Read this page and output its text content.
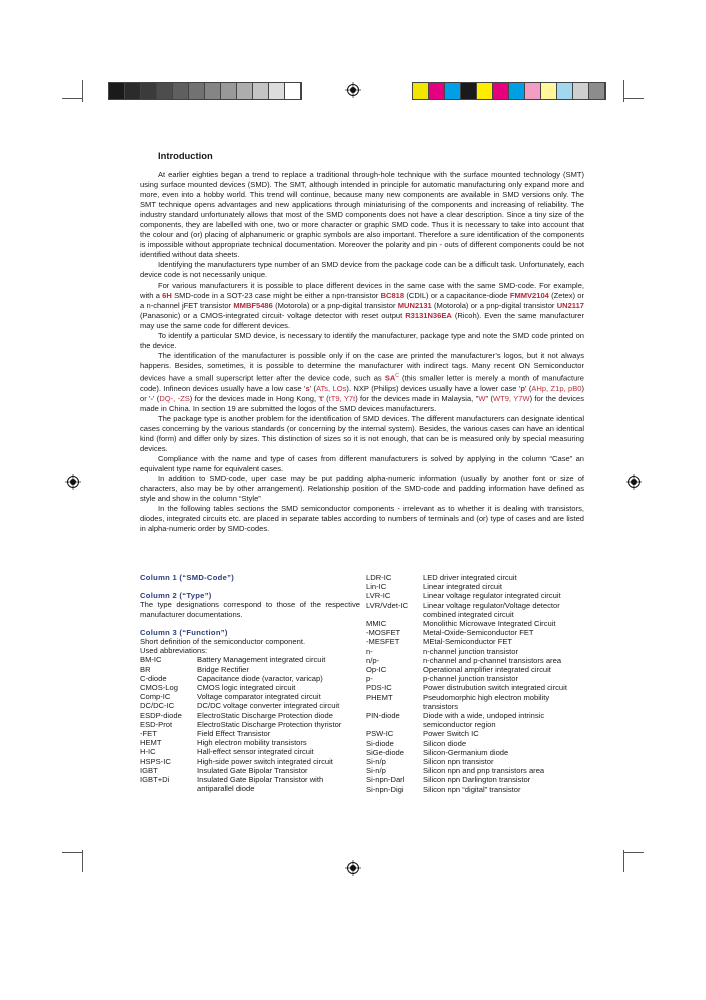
Introduction

At earlier eighties began a trend to replace a traditional through-hole technique with the surface mounted technology (SMT) using surface mounted devices (SMD). The SMT, although intended in principle for automatic manufacturing only expand more and more, even into a hobby world. This trend will continue, because many new components are available in SMD versions only. The SMT technique opens advantages and new applications through miniaturising of the components and increasing of reliability. The industry standard unfortunately allows that most of the SMD components does not have a clear description. Since a tiny size of the components, they are labelled with one, two or more character or graphic SMD code. Thus it is necessary to take into account that the colour and (or) placing of alphanumeric or graphic symbols are also important. Therefore a sure identification of the components is impossible without appropriate technical documentation. Moreover the polarity and pin - outs of different components could be not identified without data sheets.

Identifying the manufacturers type number of an SMD device from the package code can be a difficult task. Unfortunately, each device code is not necessarily unique.

For various manufacturers it is possible to place different devices in the same case with the same SMD-code. For example, with a 6H SMD-code in a SOT-23 case might be either a npn-transistor BC818 (CDIL) or a capacitance-diode FMMV2104 (Zetex) or a n-channel jFET transistor MMBF5486 (Motorola) or a pnp-digital transistor MUN2131 (Motorola) or a pnp-digital transistor UN2117 (Panasonic) or a CMOS-integrated circuit- voltage detector with reset output R3131N36EA (Ricoh). Even the same manufacturer may use the same code for different devices.

To identify a particular SMD device, is necessary to identify the manufacturer, package type and note the SMD code printed on the device.

The identification of the manufacturer is possible only if on the case are printed the manufacturer’s logos, but it not always happens. Besides, sometimes, it is possible to determine the manufacturer with indirect tags. Many recent ON Semiconductor devices have a small superscript letter after the device code, such as $SA^C$ (this smaller letter is merely a month of manufacture code). Infineon devices usually have a low case 's' (ATs, LOs). NXP (Philips) devices usually have a lower case 'p' (AHp, Z1p, pB0) or '-' (DQ-, -ZS) for the devices made in Hong Kong, 't' (tT9, Y7t) for the devices made in Malaysia, "W" (WT9, Y7W) for the devices made in China. In section 19 are submitted the logos of the SMD devices manufacturers.

The package type is another problem for the identification of SMD devices. The different manufacturers can designate identical cases concerning by the various standards (or concerning by the internal system). Besides, the various cases can have an identical kind (form) and differ only by sizes. This distinction of sizes so it is not enough, that can be is measured only by special measuring devices.

Compliance with the name and type of cases from different manufacturers is solved by applying in the column “Case” an equivalent type name for equivalent cases.

In addition to SMD-code, uper case may be put padding alpha-numeric information (usually by another font or size of characters, also may be by other arrangement). Relationship position of the SMD-code and padding information have defined as style and show in the column “Style”

In the following tables sections the SMD semiconductor components - irrelevant as to whether it is dealing with transistors, diodes, integrated circuits etc. are placed in separate tables according to numbers of terminals and (or) type of cases and are listed in alpha-numeric order by SMD-codes.

Column 1 (“SMD-Code”)
Column 2 (“Type”)
The type designations correspond to those of the respective manufacturer documentations.
Column 3 (“Function”)
Short definition of the semiconductor component.
Used abbreviations:
BM-IC	Battery Management integrated circuit
BR	Bridge Rectifier
C-diode	Capacitance diode (varactor, varicap)
CMOS-Log	CMOS logic integrated circuit
Comp-IC	Voltage comparator integrated circuit
DC/DC-IC	DC/DC voltage converter integrated circuit
ESDP-diode	ElectroStatic Discharge Protection diode
ESD-Prot	ElectroStatic Discharge Protection thyristor
-FET	Field Effect Transistor
HEMT	High electron mobility transistors
H-IC	Hall-effect sensor integrated circuit
HSPS-IC	High-side power switch integrated circuit
IGBT	Insulated Gate Bipolar Transistor
IGBT+Di	Insulated Gate Bipolar Transistor with antiparallel diode
LDR-IC	LED driver integrated circuit
Lin-IC	Linear integrated circuit
LVR-IC	Linear voltage regulator integrated circuit
LVR/Vdet-IC	Linear voltage regulator/Voltage detector combined integrated circuit
MMIC	Monolithic Microwave Integrated Circuit
-MOSFET	Metal-Oxide-Semiconductor FET
-MESFET	MEtal-Semiconductor FET
n-	n-channel junction transistor
n/p-	n-channel and p-channel transistors area
Op-IC	Operational amplifier integrated circuit
p-	p-channel junction transistor
PDS-IC	Power distrubution switch integrated circuit
PHEMT	Pseudomorphic high electron mobility transistors
PIN-diode	Diode with a wide, undoped intrinsic semiconductor region
PSW-IC	Power Switch IC
Si-diode	Silicon diode
SiGe-diode	Silicon-Germanium diode
Si-n/p	Silicon npn transistor
Si-n/p	Silicon npn and pnp transistors area
Si-npn-Darl	Silicon npn Darlington transistor
Si-npn-Digi	Silicon npn “digital” transistor
